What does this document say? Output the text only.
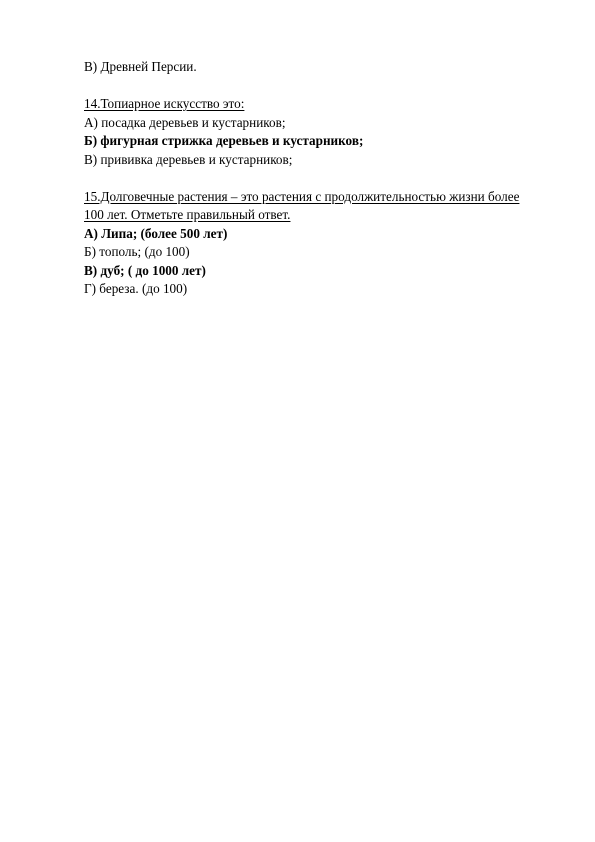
В) Древней Персии.

14.Топиарное искусство это:

А) посадка деревьев и кустарников;

Б) фигурная стрижка деревьев и кустарников;

В) прививка деревьев и кустарников;

15.Долговечные растения – это растения с продолжительностью жизни более

100 лет. Отметьте правильный ответ.

А) Липа; (более 500 лет)

Б) тополь; (до 100)

В) дуб; ( до 1000 лет)

Г) береза. (до 100)
